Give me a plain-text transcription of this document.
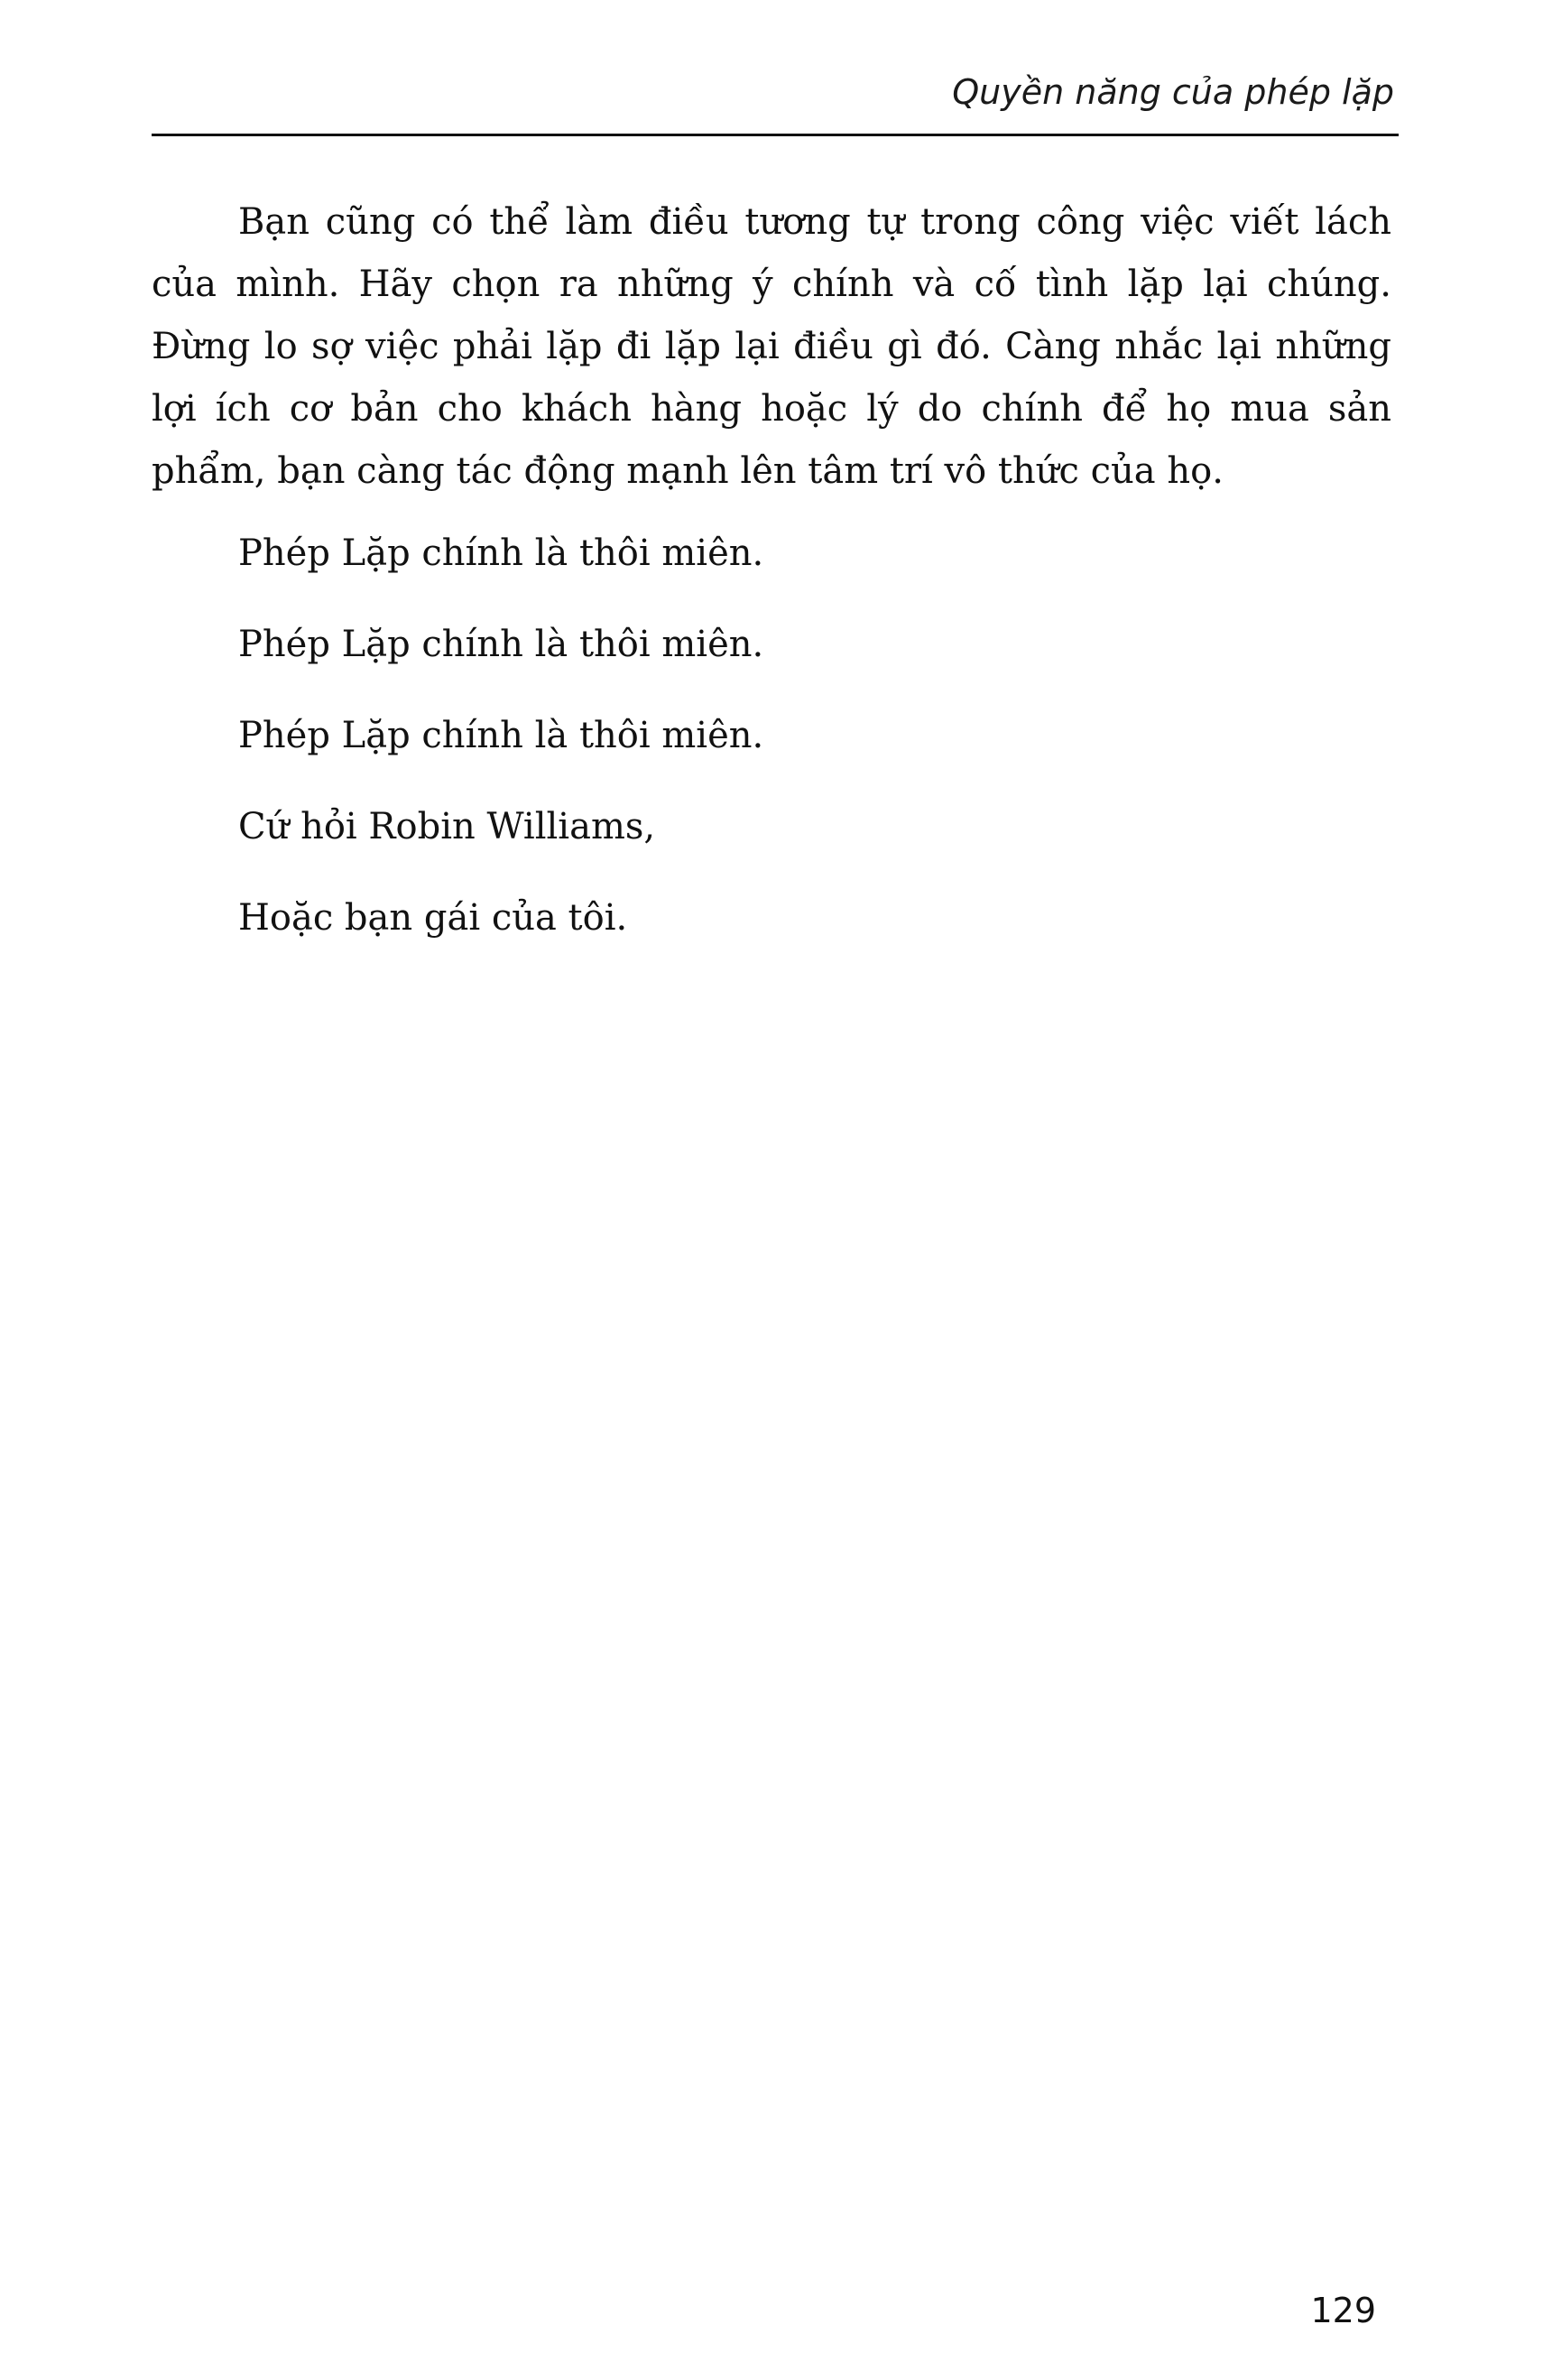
Quyền năng của phép lặp

Bạn cũng có thể làm điều tương tự trong công việc viết lách của mình. Hãy chọn ra những ý chính và cố tình lặp lại chúng. Đừng lo sợ việc phải lặp đi lặp lại điều gì đó. Càng nhắc lại những lợi ích cơ bản cho khách hàng hoặc lý do chính để họ mua sản phẩm, bạn càng tác động mạnh lên tâm trí vô thức của họ.

Phép Lặp chính là thôi miên.

Phép Lặp chính là thôi miên.

Phép Lặp chính là thôi miên.

Cứ hỏi Robin Williams,

Hoặc bạn gái của tôi.

129
